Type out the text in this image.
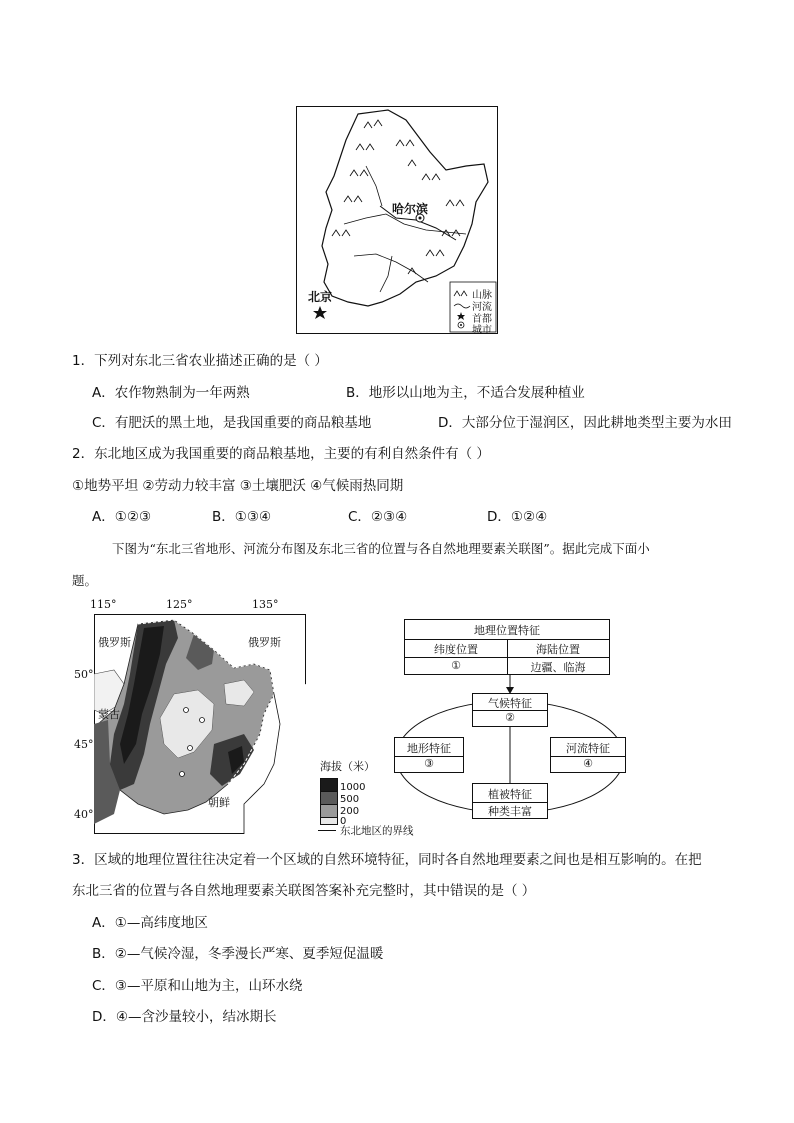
哈尔滨
北京	山脉
河流
首都
城市
1．下列对东北三省农业描述正确的是（ ）
A．农作物熟制为一年两熟	B．地形以山地为主，不适合发展种植业
C．有肥沃的黑土地，是我国重要的商品粮基地	D．大部分位于湿润区，因此耕地类型主要为水田
2．东北地区成为我国重要的商品粮基地，主要的有利自然条件有（ ）
①地势平坦 ②劳动力较丰富 ③土壤肥沃 ④气候雨热同期
A．①②③	B．①③④	C．②③④	D．①②④
下图为“东北三省地形、河流分布图及东北三省的位置与各自然地理要素关联图”。据此完成下面小
题。
115°	125°	135°
50°
45°
40°
俄罗斯	俄罗斯
蒙古
朝鲜
海拔（米）
1000
500
200
0
东北地区的界线
地理位置特征
纬度位置	海陆位置
①	边疆、临海
气候特征
②
地形特征
③
河流特征
④
植被特征
种类丰富
3．区域的地理位置往往决定着一个区域的自然环境特征，同时各自然地理要素之间也是相互影响的。在把
东北三省的位置与各自然地理要素关联图答案补充完整时，其中错误的是（ ）
A．①—高纬度地区
B．②—气候冷湿，冬季漫长严寒、夏季短促温暖
C．③—平原和山地为主，山环水绕
D．④—含沙量较小，结冰期长
